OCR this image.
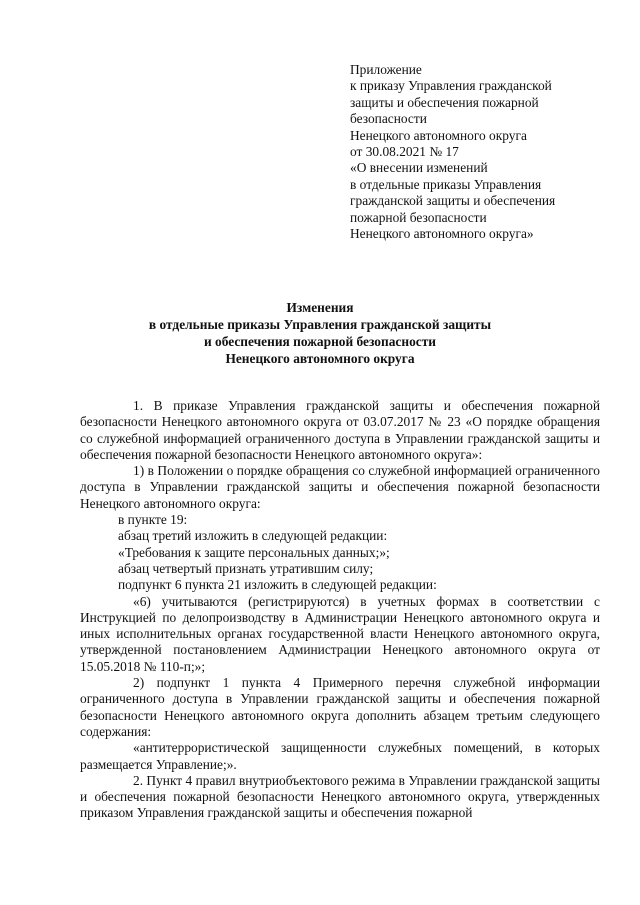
Приложение
к приказу Управления гражданской
защиты и обеспечения пожарной
безопасности
Ненецкого автономного округа
от 30.08.2021 № 17
«О внесении изменений
в отдельные приказы Управления
гражданской защиты и обеспечения
пожарной безопасности
Ненецкого автономного округа»
Изменения
в отдельные приказы Управления гражданской защиты
и обеспечения пожарной безопасности
Ненецкого автономного округа

1. В приказе Управления гражданской защиты и обеспечения пожарной безопасности Ненецкого автономного округа от 03.07.2017 № 23 «О порядке обращения со служебной информацией ограниченного доступа в Управлении гражданской защиты и обеспечения пожарной безопасности Ненецкого автономного округа»:

1) в Положении о порядке обращения со служебной информацией ограниченного доступа в Управлении гражданской защиты и обеспечения пожарной безопасности Ненецкого автономного округа:

в пункте 19:

абзац третий изложить в следующей редакции:

«Требования к защите персональных данных;»;

абзац четвертый признать утратившим силу;

подпункт 6 пункта 21 изложить в следующей редакции:

«6) учитываются (регистрируются) в учетных формах в соответствии с Инструкцией по делопроизводству в Администрации Ненецкого автономного округа и иных исполнительных органах государственной власти Ненецкого автономного округа, утвержденной постановлением Администрации Ненецкого автономного округа от 15.05.2018 № 110-п;»;

2) подпункт 1 пункта 4 Примерного перечня служебной информации ограниченного доступа в Управлении гражданской защиты и обеспечения пожарной безопасности Ненецкого автономного округа дополнить абзацем третьим следующего содержания:

«антитеррористической защищенности служебных помещений, в которых размещается Управление;».

2. Пункт 4 правил внутриобъектового режима в Управлении гражданской защиты и обеспечения пожарной безопасности Ненецкого автономного округа, утвержденных приказом Управления гражданской защиты и обеспечения пожарной
